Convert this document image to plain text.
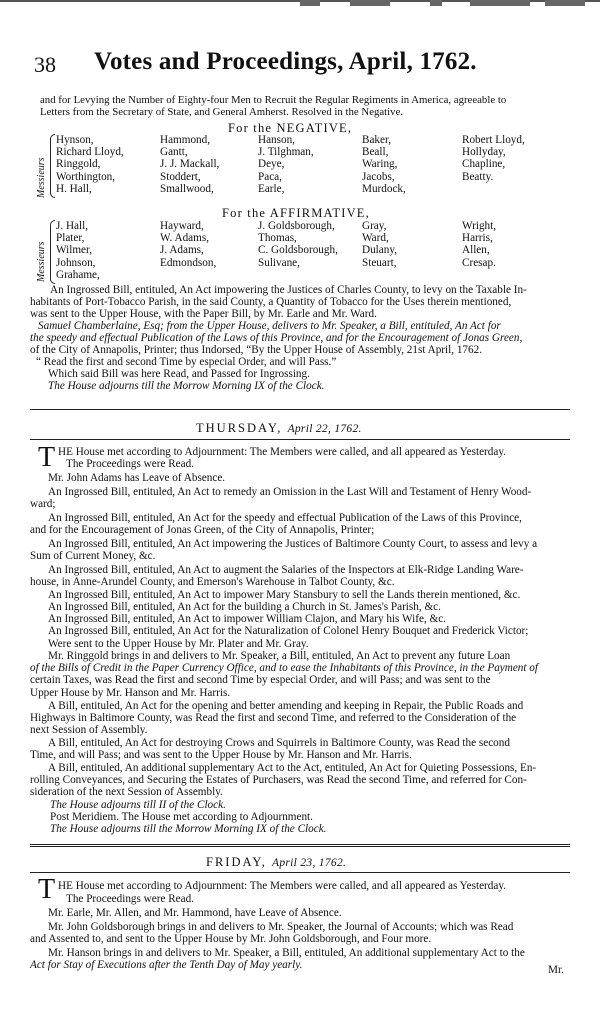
38 Votes and Proceedings, April, 1762.
and for Levying the Number of Eighty-four Men to Recruit the Regular Regiments in America, agreeable to
Letters from the Secretary of State, and General Amherst. Resolved in the Negative.
For the NEGATIVE,
Messieurs
Hynson,
Richard Lloyd,
Ringgold,
Worthington,
H. Hall,
Hammond,
Gantt,
J. J. Mackall,
Stoddert,
Smallwood,
Hanson,
J. Tilghman,
Deye,
Paca,
Earle,
Baker,
Beall,
Waring,
Jacobs,
Murdock,
Robert Lloyd,
Hollyday,
Chapline,
Beatty.
For the AFFIRMATIVE,
Messieurs
J. Hall,
Plater,
Wilmer,
Johnson,
Grahame,
Hayward,
W. Adams,
J. Adams,
Edmondson,
J. Goldsborough,
Thomas,
C. Goldsborough,
Sulivane,
Gray,
Ward,
Dulany,
Steuart,
Wright,
Harris,
Allen,
Cresap.
An Ingrossed Bill, entituled, An Act impowering the Justices of Charles County, to levy on the Taxable In-
habitants of Port-Tobacco Parish, in the said County, a Quantity of Tobacco for the Uses therein mentioned,
was sent to the Upper House, with the Paper Bill, by Mr. Earle and Mr. Ward.
Samuel Chamberlaine, Esq; from the Upper House, delivers to Mr. Speaker, a Bill, entituled, An Act for
the speedy and effectual Publication of the Laws of this Province, and for the Encouragement of Jonas Green,
of the City of Annapolis, Printer; thus Indorsed, “By the Upper House of Assembly, 21st April, 1762.
“ Read the first and second Time by especial Order, and will Pass.”
Which said Bill was here Read, and Passed for Ingrossing.
The House adjourns till the Morrow Morning IX of the Clock.
THURSDAY, April 22, 1762.
T HE House met according to Adjournment: The Members were called, and all appeared as Yesterday.
The Proceedings were Read.
Mr. John Adams has Leave of Absence.
An Ingrossed Bill, entituled, An Act to remedy an Omission in the Last Will and Testament of Henry Wood-
ward;
An Ingrossed Bill, entituled, An Act for the speedy and effectual Publication of the Laws of this Province,
and for the Encouragement of Jonas Green, of the City of Annapolis, Printer;
An Ingrossed Bill, entituled, An Act impowering the Justices of Baltimore County Court, to assess and levy a
Sum of Current Money, &c.
An Ingrossed Bill, entituled, An Act to augment the Salaries of the Inspectors at Elk-Ridge Landing Ware-
house, in Anne-Arundel County, and Emerson's Warehouse in Talbot County, &c.
An Ingrossed Bill, entituled, An Act to impower Mary Stansbury to sell the Lands therein mentioned, &c.
An Ingrossed Bill, entituled, An Act for the building a Church in St. James's Parish, &c.
An Ingrossed Bill, entituled, An Act to impower William Clajon, and Mary his Wife, &c.
An Ingrossed Bill, entituled, An Act for the Naturalization of Colonel Henry Bouquet and Frederick Victor;
Were sent to the Upper House by Mr. Plater and Mr. Gray.
Mr. Ringgold brings in and delivers to Mr. Speaker, a Bill, entituled, An Act to prevent any future Loan
of the Bills of Credit in the Paper Currency Office, and to ease the Inhabitants of this Province, in the Payment of
certain Taxes, was Read the first and second Time by especial Order, and will Pass; and was sent to the
Upper House by Mr. Hanson and Mr. Harris.
A Bill, entituled, An Act for the opening and better amending and keeping in Repair, the Public Roads and
Highways in Baltimore County, was Read the first and second Time, and referred to the Consideration of the
next Session of Assembly.
A Bill, entituled, An Act for destroying Crows and Squirrels in Baltimore County, was Read the second
Time, and will Pass; and was sent to the Upper House by Mr. Hanson and Mr. Harris.
A Bill, entituled, An additional supplementary Act to the Act, entituled, An Act for Quieting Possessions, En-
rolling Conveyances, and Securing the Estates of Purchasers, was Read the second Time, and referred for Con-
sideration of the next Session of Assembly.
The House adjourns till II of the Clock.
Post Meridiem. The House met according to Adjournment.
The House adjourns till the Morrow Morning IX of the Clock.
FRIDAY, April 23, 1762.
T HE House met according to Adjournment: The Members were called, and all appeared as Yesterday.
The Proceedings were Read.
Mr. Earle, Mr. Allen, and Mr. Hammond, have Leave of Absence.
Mr. John Goldsborough brings in and delivers to Mr. Speaker, the Journal of Accounts; which was Read
and Assented to, and sent to the Upper House by Mr. John Goldsborough, and Four more.
Mr. Hanson brings in and delivers to Mr. Speaker, a Bill, entituled, An additional supplementary Act to the
Act for Stay of Executions after the Tenth Day of May yearly.	Mr.
